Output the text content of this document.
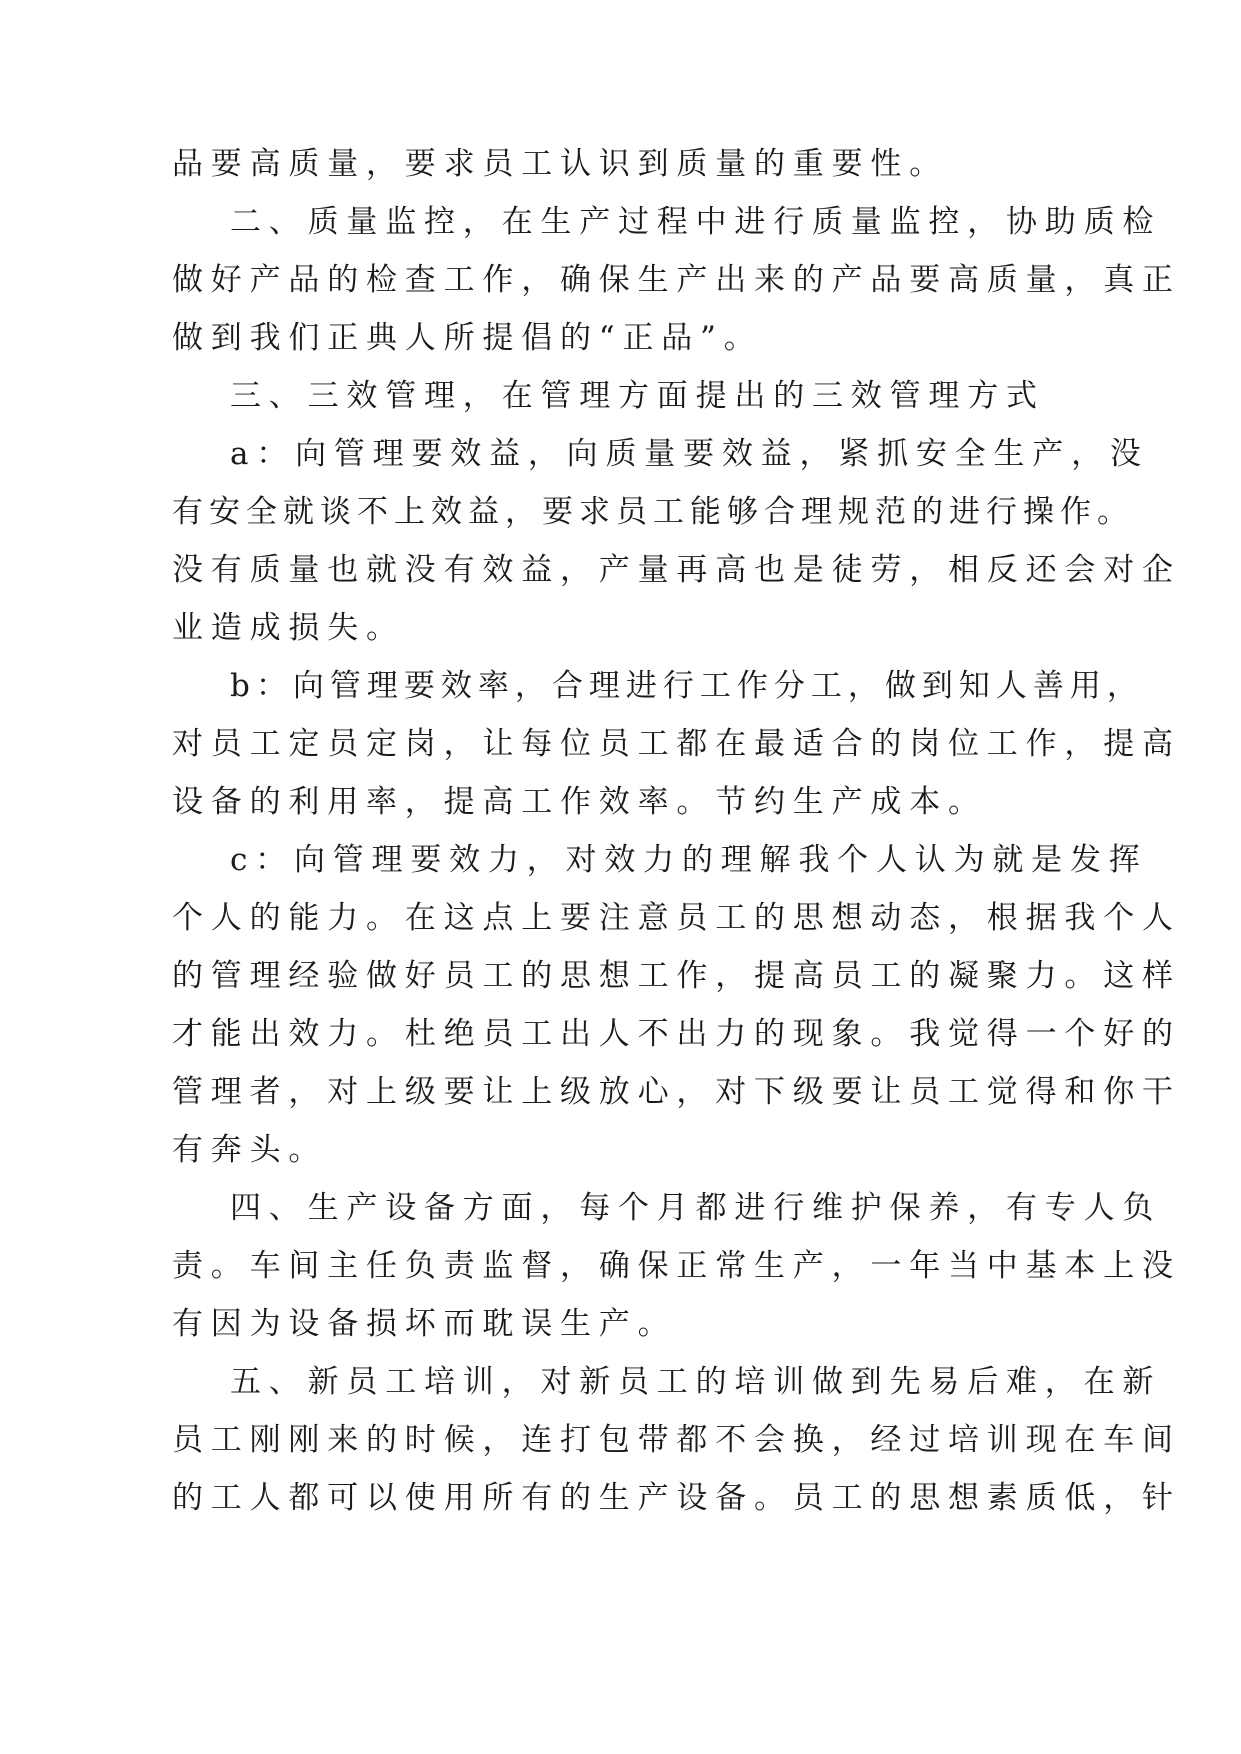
品要高质量，要求员工认识到质量的重要性。
二、质量监控，在生产过程中进行质量监控，协助质检
做好产品的检查工作，确保生产出来的产品要高质量，真正
做到我们正典人所提倡的“正品”。
三、三效管理，在管理方面提出的三效管理方式
a：向管理要效益，向质量要效益，紧抓安全生产，没
有安全就谈不上效益，要求员工能够合理规范的进行操作。
没有质量也就没有效益，产量再高也是徒劳，相反还会对企
业造成损失。
b：向管理要效率，合理进行工作分工，做到知人善用，
对员工定员定岗，让每位员工都在最适合的岗位工作，提高
设备的利用率，提高工作效率。节约生产成本。
c：向管理要效力，对效力的理解我个人认为就是发挥
个人的能力。在这点上要注意员工的思想动态，根据我个人
的管理经验做好员工的思想工作，提高员工的凝聚力。这样
才能出效力。杜绝员工出人不出力的现象。我觉得一个好的
管理者，对上级要让上级放心，对下级要让员工觉得和你干
有奔头。
四、生产设备方面，每个月都进行维护保养，有专人负
责。车间主任负责监督，确保正常生产，一年当中基本上没
有因为设备损坏而耽误生产。
五、新员工培训，对新员工的培训做到先易后难，在新
员工刚刚来的时候，连打包带都不会换，经过培训现在车间
的工人都可以使用所有的生产设备。员工的思想素质低，针
